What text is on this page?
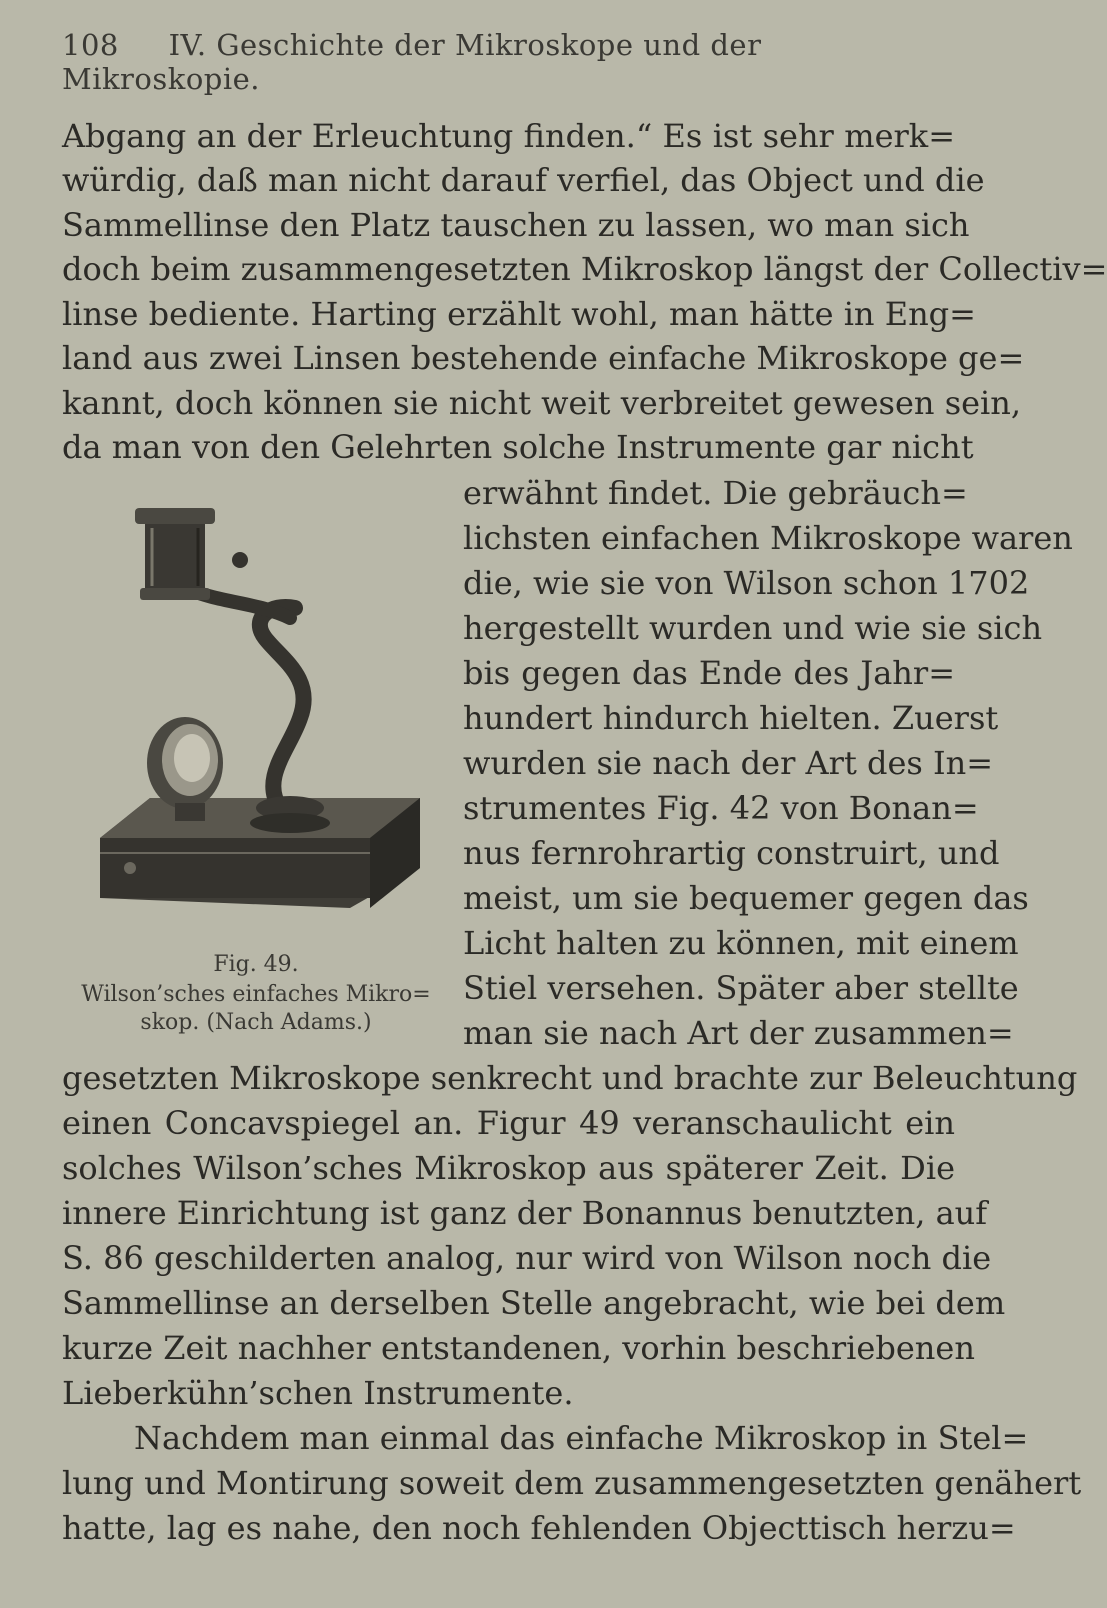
108 IV. Geschichte der Mikroskope und der Mikroskopie.
Abgang an der Erleuchtung finden.“ Es ist sehr merk=
würdig, daß man nicht darauf verfiel, das Object und die
Sammellinse den Platz tauschen zu lassen, wo man sich
doch beim zusammengesetzten Mikroskop längst der Collectiv=
linse bediente. Harting erzählt wohl, man hätte in Eng=
land aus zwei Linsen bestehende einfache Mikroskope ge=
kannt, doch können sie nicht weit verbreitet gewesen sein,
da man von den Gelehrten solche Instrumente gar nicht
erwähnt findet. Die gebräuch=
lichsten einfachen Mikroskope waren
die, wie sie von Wilson schon 1702
hergestellt wurden und wie sie sich
bis gegen das Ende des Jahr=
hundert hindurch hielten. Zuerst
wurden sie nach der Art des In=
strumentes Fig. 42 von Bonan=
nus fernrohrartig construirt, und
meist, um sie bequemer gegen das
Licht halten zu können, mit einem
Stiel versehen. Später aber stellte
man sie nach Art der zusammen=
Fig. 49.
Wilson’sches einfaches Mikro=
skop. (Nach Adams.)
gesetzten Mikroskope senkrecht und brachte zur Beleuchtung
einen Concavspiegel an. Figur 49 veranschaulicht ein
solches Wilson’sches Mikroskop aus späterer Zeit. Die
innere Einrichtung ist ganz der Bonannus benutzten, auf
S. 86 geschilderten analog, nur wird von Wilson noch die
Sammellinse an derselben Stelle angebracht, wie bei dem
kurze Zeit nachher entstandenen, vorhin beschriebenen
Lieberkühn’schen Instrumente.
Nachdem man einmal das einfache Mikroskop in Stel=
lung und Montirung soweit dem zusammengesetzten genähert
hatte, lag es nahe, den noch fehlenden Objecttisch herzu=
